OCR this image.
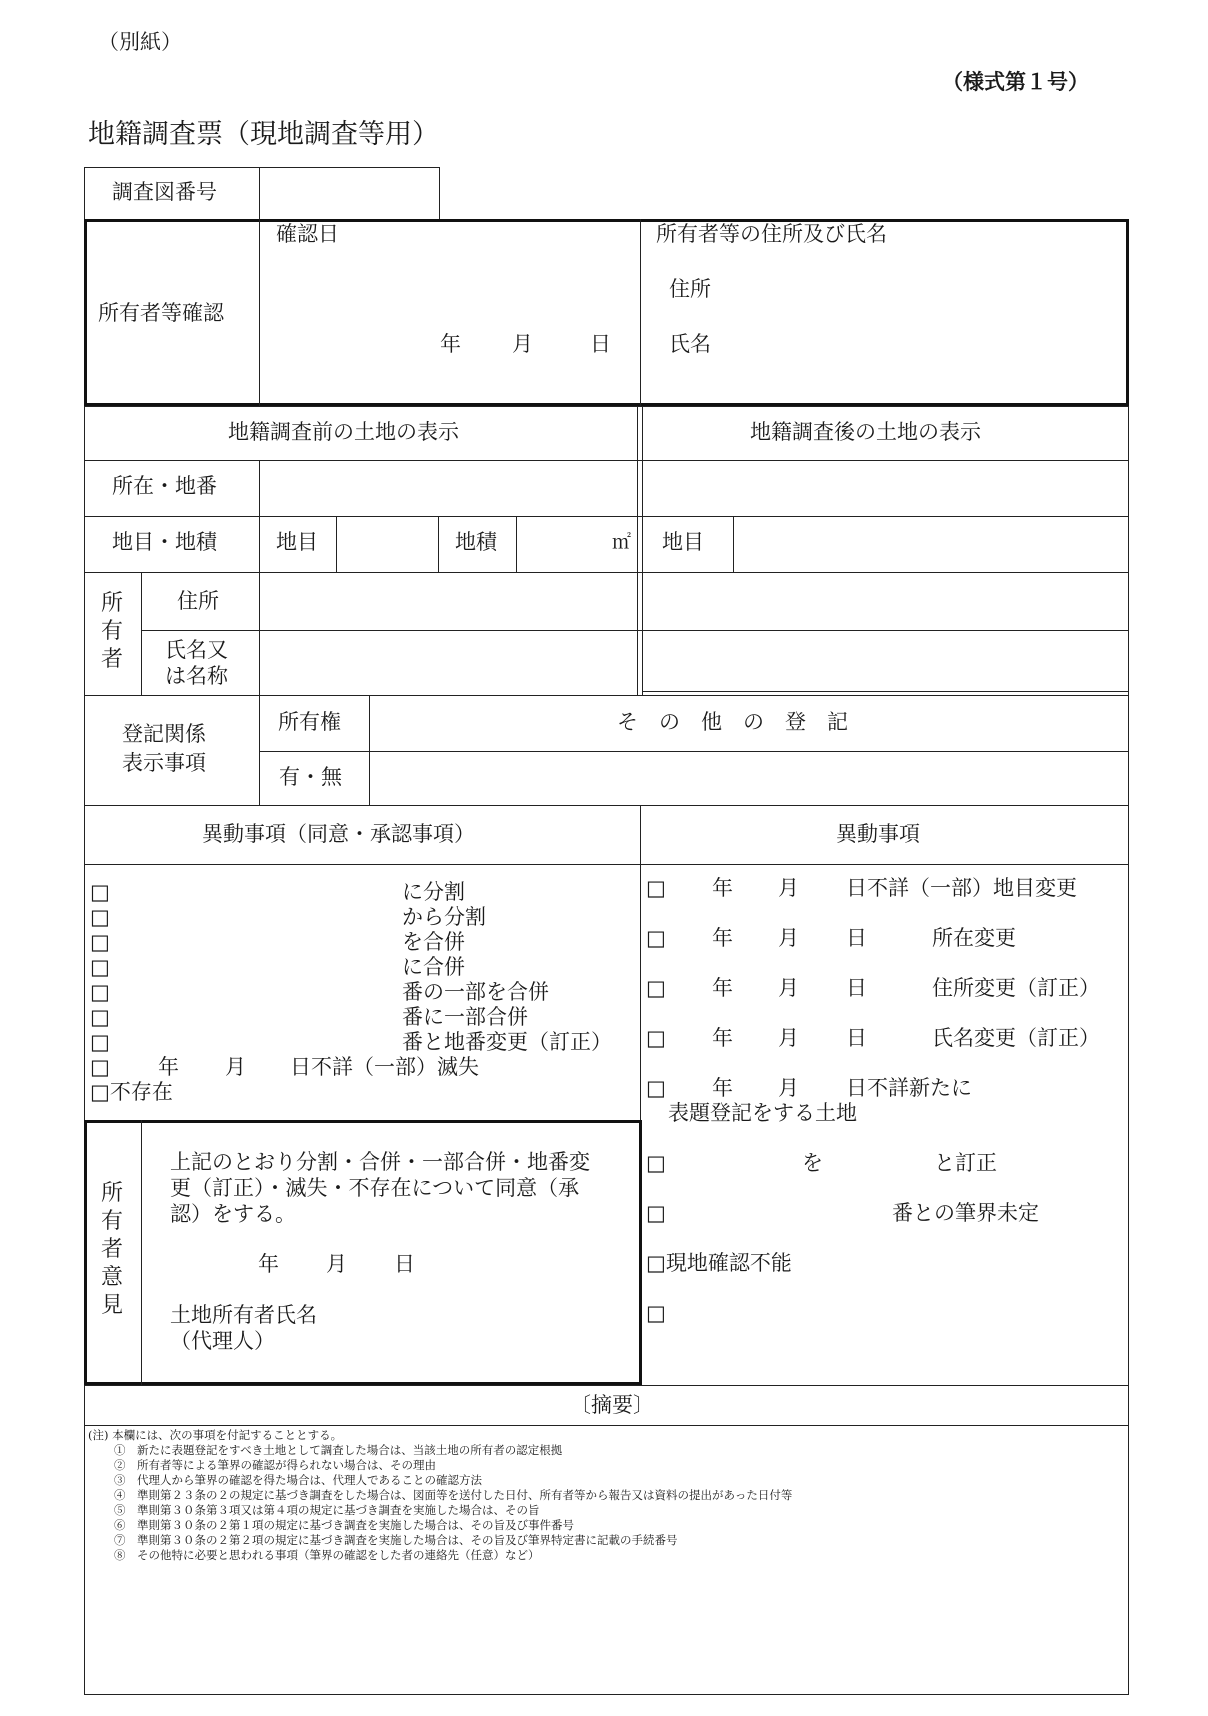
（別紙）
（様式第１号）
地籍調査票（現地調査等用）
調査図番号
所有者等確認
確認日
年 月	日
所有者等の住所及び氏名
住所
氏名
地籍調査前の土地の表示	地籍調査後の土地の表示
所在・地番
地目・地積	地目	地積	㎡ 地目
所有者
住所
氏名又
は名称
登記関係
表示事項
所有権	そ　の　他　の　登　記
有・無
異動事項（同意・承認事項）	異動事項
□	に分割
□	から分割
□	を合併
□	に合併
□	番の一部を合併
□	番に一部合併
□	番と地番変更（訂正）
□ 年 月 日不詳（一部）滅失
□不存在
所有者意見
上記のとおり分割・合併・一部合併・地番変
更（訂正）・滅失・不存在について同意（承
認）をする。
年 月 日
土地所有者氏名
（代理人）
□ 年 月 日不詳（一部）地目変更
□ 年 月 日	所在変更
□ 年 月 日	住所変更（訂正）
□ 年 月 日	氏名変更（訂正）
□ 年 月 日不詳新たに
表題登記をする土地
□	を	と訂正
□	番との筆界未定
□現地確認不能
□
〔摘要〕
(注) 本欄には、次の事項を付記することとする。
①　新たに表題登記をすべき土地として調査した場合は、当該土地の所有者の認定根拠
②　所有者等による筆界の確認が得られない場合は、その理由
③　代理人から筆界の確認を得た場合は、代理人であることの確認方法
④　準則第２３条の２の規定に基づき調査をした場合は、図面等を送付した日付、所有者等から報告又は資料の提出があった日付等
⑤　準則第３０条第３項又は第４項の規定に基づき調査を実施した場合は、その旨
⑥　準則第３０条の２第１項の規定に基づき調査を実施した場合は、その旨及び事件番号
⑦　準則第３０条の２第２項の規定に基づき調査を実施した場合は、その旨及び筆界特定書に記載の手続番号
⑧　その他特に必要と思われる事項（筆界の確認をした者の連絡先（任意）など）
